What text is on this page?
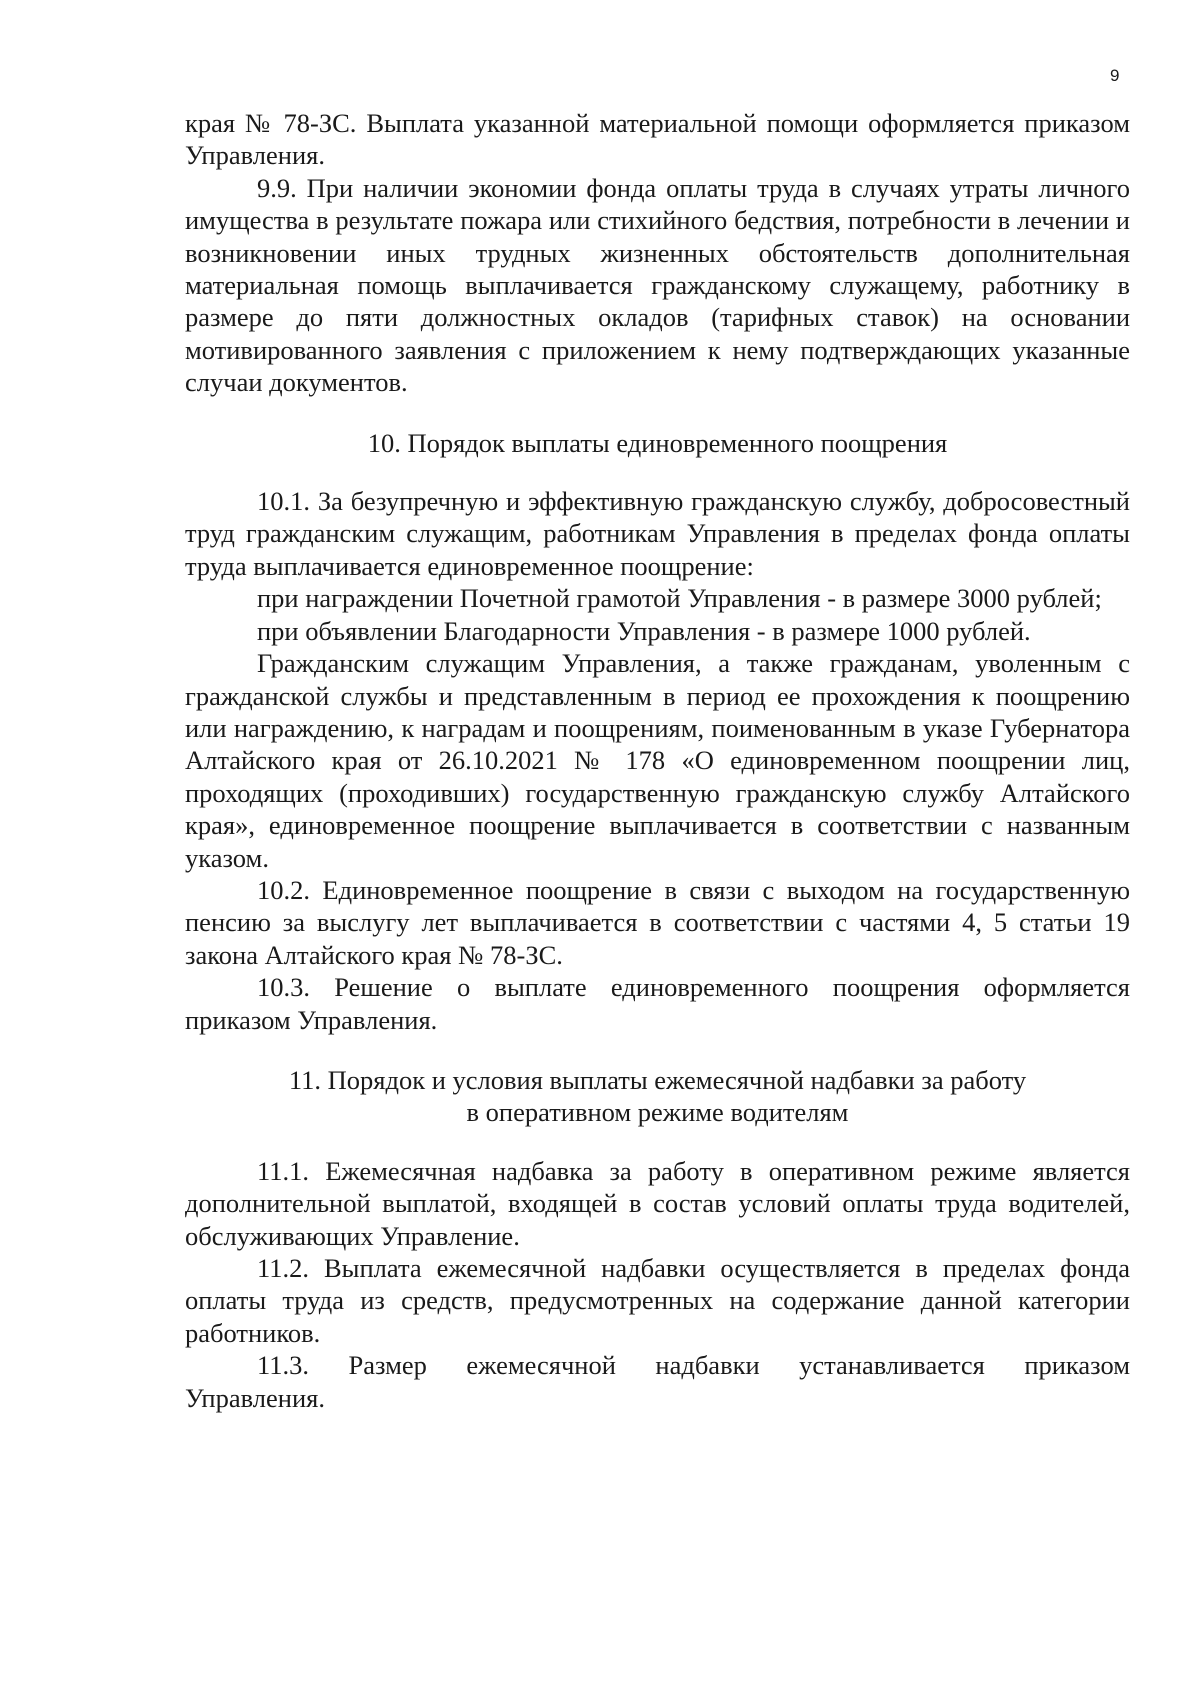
9

края № 78-ЗС. Выплата указанной материальной помощи оформляется приказом Управления.

9.9. При наличии экономии фонда оплаты труда в случаях утраты личного имущества в результате пожара или стихийного бедствия, потребности в лечении и возникновении иных трудных жизненных обстоятельств дополнительная материальная помощь выплачивается гражданскому служащему, работнику в размере до пяти должностных окладов (тарифных ставок) на основании мотивированного заявления с приложением к нему подтверждающих указанные случаи документов.

10. Порядок выплаты единовременного поощрения

10.1. За безупречную и эффективную гражданскую службу, добросовестный труд гражданским служащим, работникам Управления в пределах фонда оплаты труда выплачивается единовременное поощрение:

при награждении Почетной грамотой Управления - в размере 3000 рублей;

при объявлении Благодарности Управления - в размере 1000 рублей.

Гражданским служащим Управления, а также гражданам, уволенным с гражданской службы и представленным в период ее прохождения к поощрению или награждению, к наградам и поощрениям, поименованным в указе Губернатора Алтайского края от 26.10.2021 № 178 «О единовременном поощрении лиц, проходящих (проходивших) государственную гражданскую службу Алтайского края», единовременное поощрение выплачивается в соответствии с названным указом.

10.2. Единовременное поощрение в связи с выходом на государственную пенсию за выслугу лет выплачивается в соответствии с частями 4, 5 статьи 19 закона Алтайского края № 78-ЗС.

10.3. Решение о выплате единовременного поощрения оформляется приказом Управления.

11. Порядок и условия выплаты ежемесячной надбавки за работу

в оперативном режиме водителям

11.1. Ежемесячная надбавка за работу в оперативном режиме является дополнительной выплатой, входящей в состав условий оплаты труда водителей, обслуживающих Управление.

11.2. Выплата ежемесячной надбавки осуществляется в пределах фонда оплаты труда из средств, предусмотренных на содержание данной категории работников.

11.3. Размер ежемесячной надбавки устанавливается приказом

Управления.
